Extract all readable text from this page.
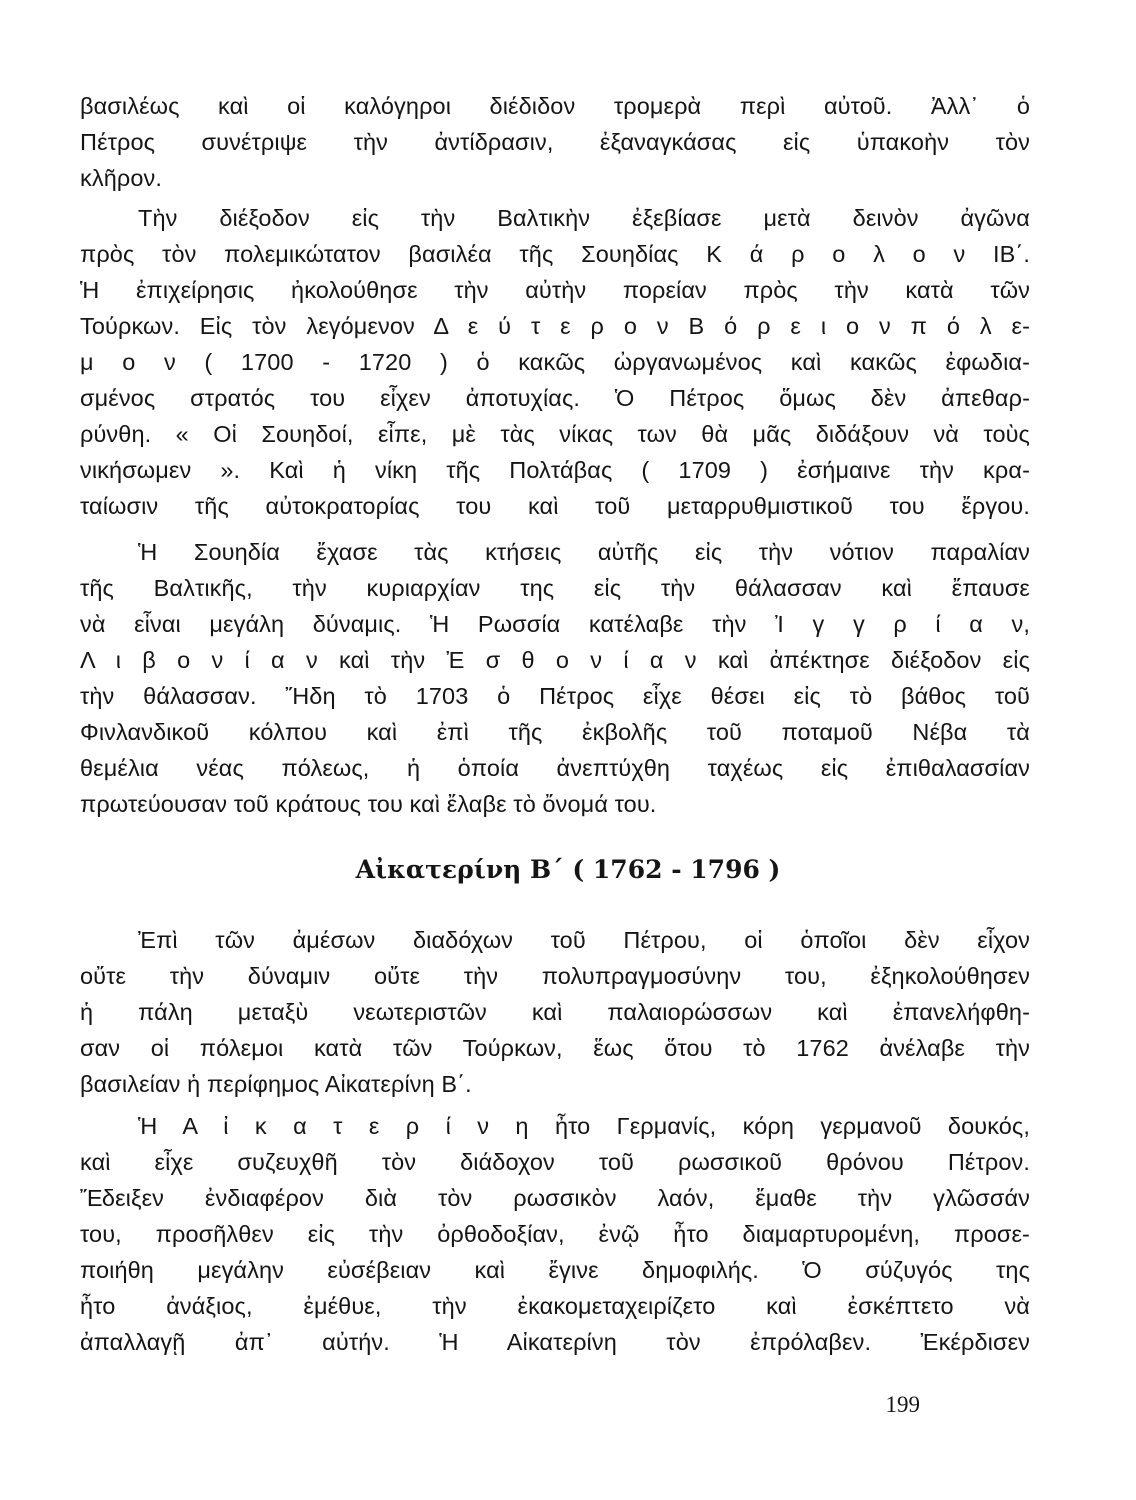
βασιλέως καὶ οἱ καλόγηροι διέδιδον τρομερὰ περὶ αὐτοῦ. Ἀλλ᾽ ὁ
Πέτρος συνέτριψε τὴν ἀντίδρασιν, ἐξαναγκάσας εἰς ὑπακοὴν τὸν
κλῆρον.
Τὴν διέξοδον εἰς τὴν Βαλτικὴν ἐξεβίασε μετὰ δεινὸν ἀγῶνα
πρὸς τὸν πολεμικώτατον βασιλέα τῆς Σουηδίας Κ ά ρ ο λ ο ν ΙΒ΄.
Ἡ ἐπιχείρησις ἠκολούθησε τὴν αὐτὴν πορείαν πρὸς τὴν κατὰ τῶν
Τούρκων. Εἰς τὸν λεγόμενον Δ ε ύ τ ε ρ ο ν Β ό ρ ε ι ο ν π ό λ ε-
μ ο ν ( 1700 - 1720 ) ὁ κακῶς ὠργανωμένος καὶ κακῶς ἐφωδια-
σμένος στρατός του εἶχεν ἀποτυχίας. Ὁ Πέτρος ὅμως δὲν ἀπεθαρ-
ρύνθη. « Οἱ Σουηδοί, εἶπε, μὲ τὰς νίκας των θὰ μᾶς διδάξουν νὰ τοὺς
νικήσωμεν ». Καὶ ἡ νίκη τῆς Πολτάβας ( 1709 ) ἐσήμαινε τὴν κρα-
ταίωσιν τῆς αὐτοκρατορίας του καὶ τοῦ μεταρρυθμιστικοῦ του ἔργου.
Ἡ Σουηδία ἔχασε τὰς κτήσεις αὐτῆς εἰς τὴν νότιον παραλίαν
τῆς Βαλτικῆς, τὴν κυριαρχίαν της εἰς τὴν θάλασσαν καὶ ἔπαυσε
νὰ εἶναι μεγάλη δύναμις. Ἡ Ρωσσία κατέλαβε τὴν Ἰ γ γ ρ ί α ν,
Λ ι β ο ν ί α ν καὶ τὴν Ἐ σ θ ο ν ί α ν καὶ ἀπέκτησε διέξοδον εἰς
τὴν θάλασσαν. Ἤδη τὸ 1703 ὁ Πέτρος εἶχε θέσει εἰς τὸ βάθος τοῦ
Φινλανδικοῦ κόλπου καὶ ἐπὶ τῆς ἐκβολῆς τοῦ ποταμοῦ Νέβα τὰ
θεμέλια νέας πόλεως, ἡ ὁποία ἀνεπτύχθη ταχέως εἰς ἐπιθαλασσίαν
πρωτεύουσαν τοῦ κράτους του καὶ ἔλαβε τὸ ὄνομά του.
Αἰκατερίνη Β΄ ( 1762 - 1796 )
Ἐπὶ τῶν ἀμέσων διαδόχων τοῦ Πέτρου, οἱ ὁποῖοι δὲν εἶχον
οὔτε τὴν δύναμιν οὔτε τὴν πολυπραγμοσύνην του, ἐξηκολούθησεν
ἡ πάλη μεταξὺ νεωτεριστῶν καὶ παλαιορώσσων καὶ ἐπανελήφθη-
σαν οἱ πόλεμοι κατὰ τῶν Τούρκων, ἕως ὅτου τὸ 1762 ἀνέλαβε τὴν
βασιλείαν ἡ περίφημος Αἰκατερίνη Β΄.
Ἡ Α ἰ κ α τ ε ρ ί ν η ἦτο Γερμανίς, κόρη γερμανοῦ δουκός,
καὶ εἶχε συζευχθῆ τὸν διάδοχον τοῦ ρωσσικοῦ θρόνου Πέτρον.
Ἔδειξεν ἐνδιαφέρον διὰ τὸν ρωσσικὸν λαόν, ἔμαθε τὴν γλῶσσάν
του, προσῆλθεν εἰς τὴν ὀρθοδοξίαν, ἐνῷ ἦτο διαμαρτυρομένη, προσε-
ποιήθη μεγάλην εὐσέβειαν καὶ ἔγινε δημοφιλής. Ὁ σύζυγός της
ἦτο ἀνάξιος, ἐμέθυε, τὴν ἐκακομεταχειρίζετο καὶ ἐσκέπτετο νὰ
ἀπαλλαγῇ ἀπ᾽ αὐτήν. Ἡ Αἰκατερίνη τὸν ἐπρόλαβεν. Ἐκέρδισεν
199
